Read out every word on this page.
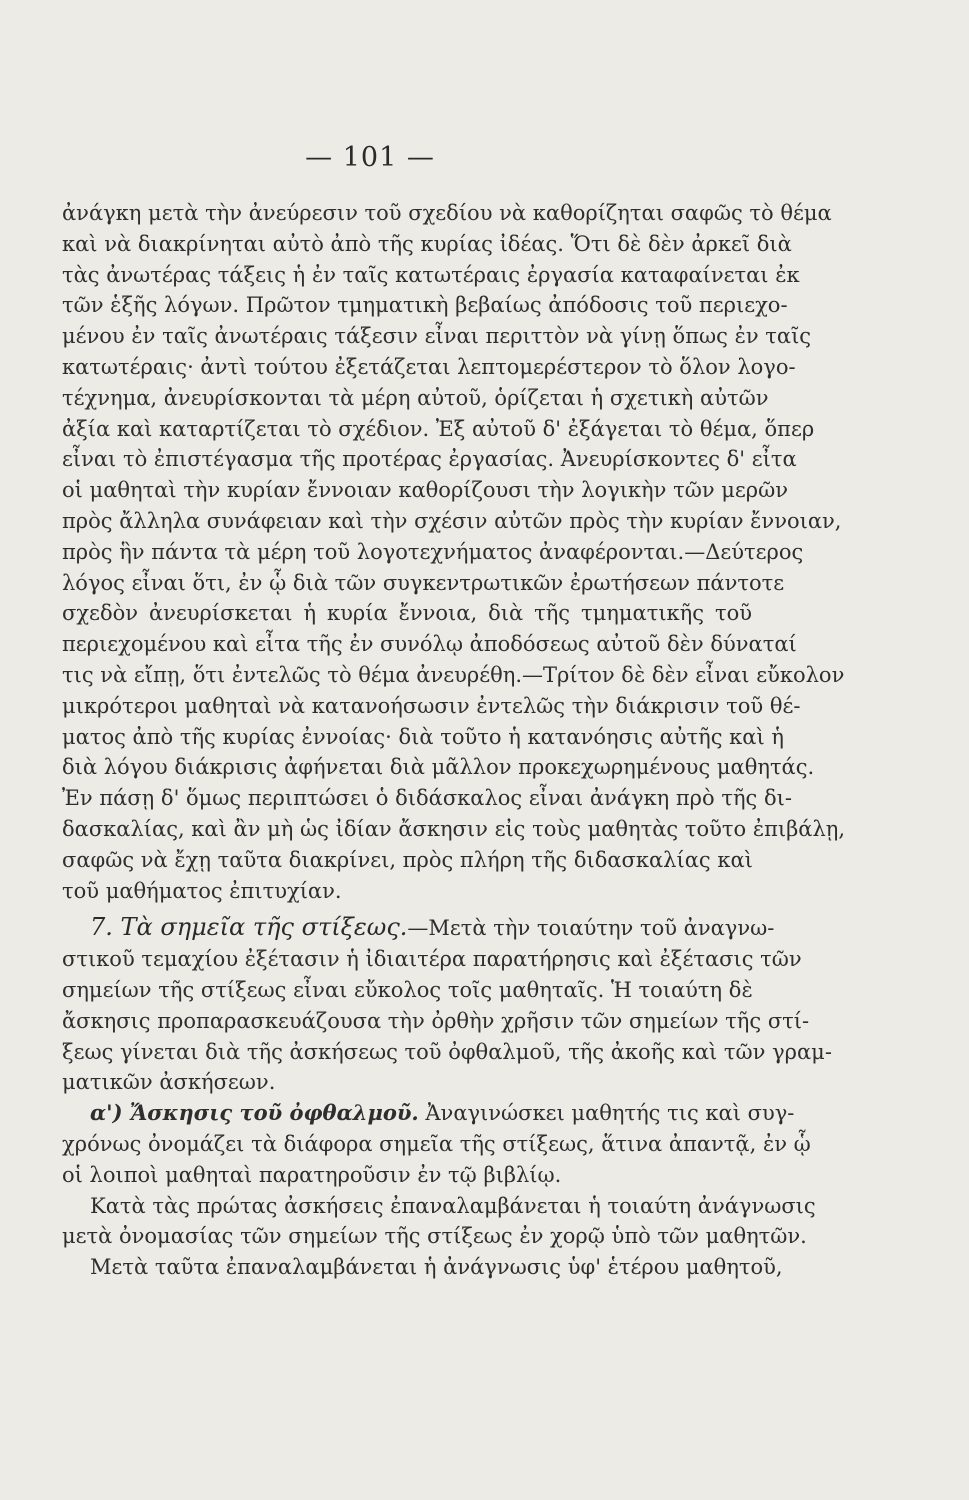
— 101 —
ἀνάγκη μετὰ τὴν ἀνεύρεσιν τοῦ σχεδίου νὰ καθορίζηται σαφῶς τὸ θέμα
καὶ νὰ διακρίνηται αὐτὸ ἀπὸ τῆς κυρίας ἰδέας. Ὅτι δὲ δὲν ἀρκεῖ διὰ
τὰς ἀνωτέρας τάξεις ἡ ἐν ταῖς κατωτέραις ἐργασία καταφαίνεται ἐκ
τῶν ἑξῆς λόγων. Πρῶτον τμηματικὴ βεβαίως ἀπόδοσις τοῦ περιεχο-
μένου ἐν ταῖς ἀνωτέραις τάξεσιν εἶναι περιττὸν νὰ γίνῃ ὅπως ἐν ταῖς
κατωτέραις· ἀντὶ τούτου ἐξετάζεται λεπτομερέστερον τὸ ὅλον λογο-
τέχνημα, ἀνευρίσκονται τὰ μέρη αὐτοῦ, ὁρίζεται ἡ σχετικὴ αὐτῶν
ἀξία καὶ καταρτίζεται τὸ σχέδιον. Ἐξ αὐτοῦ δ' ἐξάγεται τὸ θέμα, ὅπερ
εἶναι τὸ ἐπιστέγασμα τῆς προτέρας ἐργασίας. Ἀνευρίσκοντες δ' εἶτα
οἱ μαθηταὶ τὴν κυρίαν ἔννοιαν καθορίζουσι τὴν λογικὴν τῶν μερῶν
πρὸς ἄλληλα συνάφειαν καὶ τὴν σχέσιν αὐτῶν πρὸς τὴν κυρίαν ἔννοιαν,
πρὸς ἣν πάντα τὰ μέρη τοῦ λογοτεχνήματος ἀναφέρονται.—Δεύτερος
λόγος εἶναι ὅτι, ἐν ᾧ διὰ τῶν συγκεντρωτικῶν ἐρωτήσεων πάντοτε
σχεδὸν ἀνευρίσκεται ἡ κυρία ἔννοια, διὰ τῆς τμηματικῆς τοῦ
περιεχομένου καὶ εἶτα τῆς ἐν συνόλῳ ἀποδόσεως αὐτοῦ δὲν δύναταί
τις νὰ εἴπῃ, ὅτι ἐντελῶς τὸ θέμα ἀνευρέθη.—Τρίτον δὲ δὲν εἶναι εὔκολον
μικρότεροι μαθηταὶ νὰ κατανοήσωσιν ἐντελῶς τὴν διάκρισιν τοῦ θέ-
ματος ἀπὸ τῆς κυρίας ἐννοίας· διὰ τοῦτο ἡ κατανόησις αὐτῆς καὶ ἡ
διὰ λόγου διάκρισις ἀφήνεται διὰ μᾶλλον προκεχωρημένους μαθητάς.
Ἐν πάσῃ δ' ὅμως περιπτώσει ὁ διδάσκαλος εἶναι ἀνάγκη πρὸ τῆς δι-
δασκαλίας, καὶ ἂν μὴ ὡς ἰδίαν ἄσκησιν εἰς τοὺς μαθητὰς τοῦτο ἐπιβάλῃ,
σαφῶς νὰ ἔχῃ ταῦτα διακρίνει, πρὸς πλήρη τῆς διδασκαλίας καὶ
τοῦ μαθήματος ἐπιτυχίαν.
7. Τὰ σημεῖα τῆς στίξεως.—Μετὰ τὴν τοιαύτην τοῦ ἀναγνω-
στικοῦ τεμαχίου ἐξέτασιν ἡ ἰδιαιτέρα παρατήρησις καὶ ἐξέτασις τῶν
σημείων τῆς στίξεως εἶναι εὔκολος τοῖς μαθηταῖς. Ἡ τοιαύτη δὲ
ἄσκησις προπαρασκευάζουσα τὴν ὀρθὴν χρῆσιν τῶν σημείων τῆς στί-
ξεως γίνεται διὰ τῆς ἀσκήσεως τοῦ ὀφθαλμοῦ, τῆς ἀκοῆς καὶ τῶν γραμ-
ματικῶν ἀσκήσεων.
α') Ἄσκησις τοῦ ὀφθαλμοῦ. Ἀναγινώσκει μαθητής τις καὶ συγ-
χρόνως ὀνομάζει τὰ διάφορα σημεῖα τῆς στίξεως, ἅτινα ἀπαντᾷ, ἐν ᾧ
οἱ λοιποὶ μαθηταὶ παρατηροῦσιν ἐν τῷ βιβλίῳ.
Κατὰ τὰς πρώτας ἀσκήσεις ἐπαναλαμβάνεται ἡ τοιαύτη ἀνάγνωσις
μετὰ ὀνομασίας τῶν σημείων τῆς στίξεως ἐν χορῷ ὑπὸ τῶν μαθητῶν.
Μετὰ ταῦτα ἐπαναλαμβάνεται ἡ ἀνάγνωσις ὑφ' ἑτέρου μαθητοῦ,
